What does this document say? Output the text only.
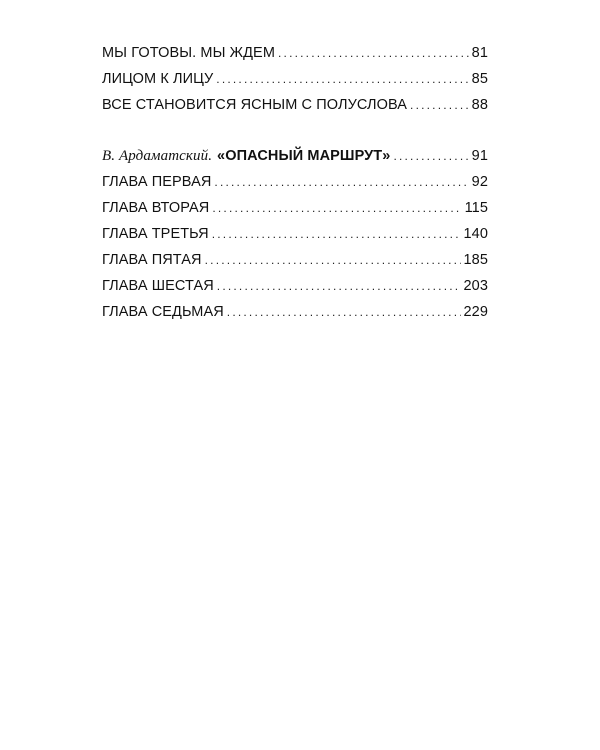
МЫ ГОТОВЫ. МЫ ЖДЕМ .....	81
ЛИЦОМ К ЛИЦУ .....	85
ВСЕ СТАНОВИТСЯ ЯСНЫМ С ПОЛУСЛОВА .....	88
В. Ардаматский. «ОПАСНЫЙ МАРШРУТ» .....	91
ГЛАВА ПЕРВАЯ .....	92
ГЛАВА ВТОРАЯ .....	115
ГЛАВА ТРЕТЬЯ .....	140
ГЛАВА ПЯТАЯ .....	185
ГЛАВА ШЕСТАЯ .....	203
ГЛАВА СЕДЬМАЯ .....	229
